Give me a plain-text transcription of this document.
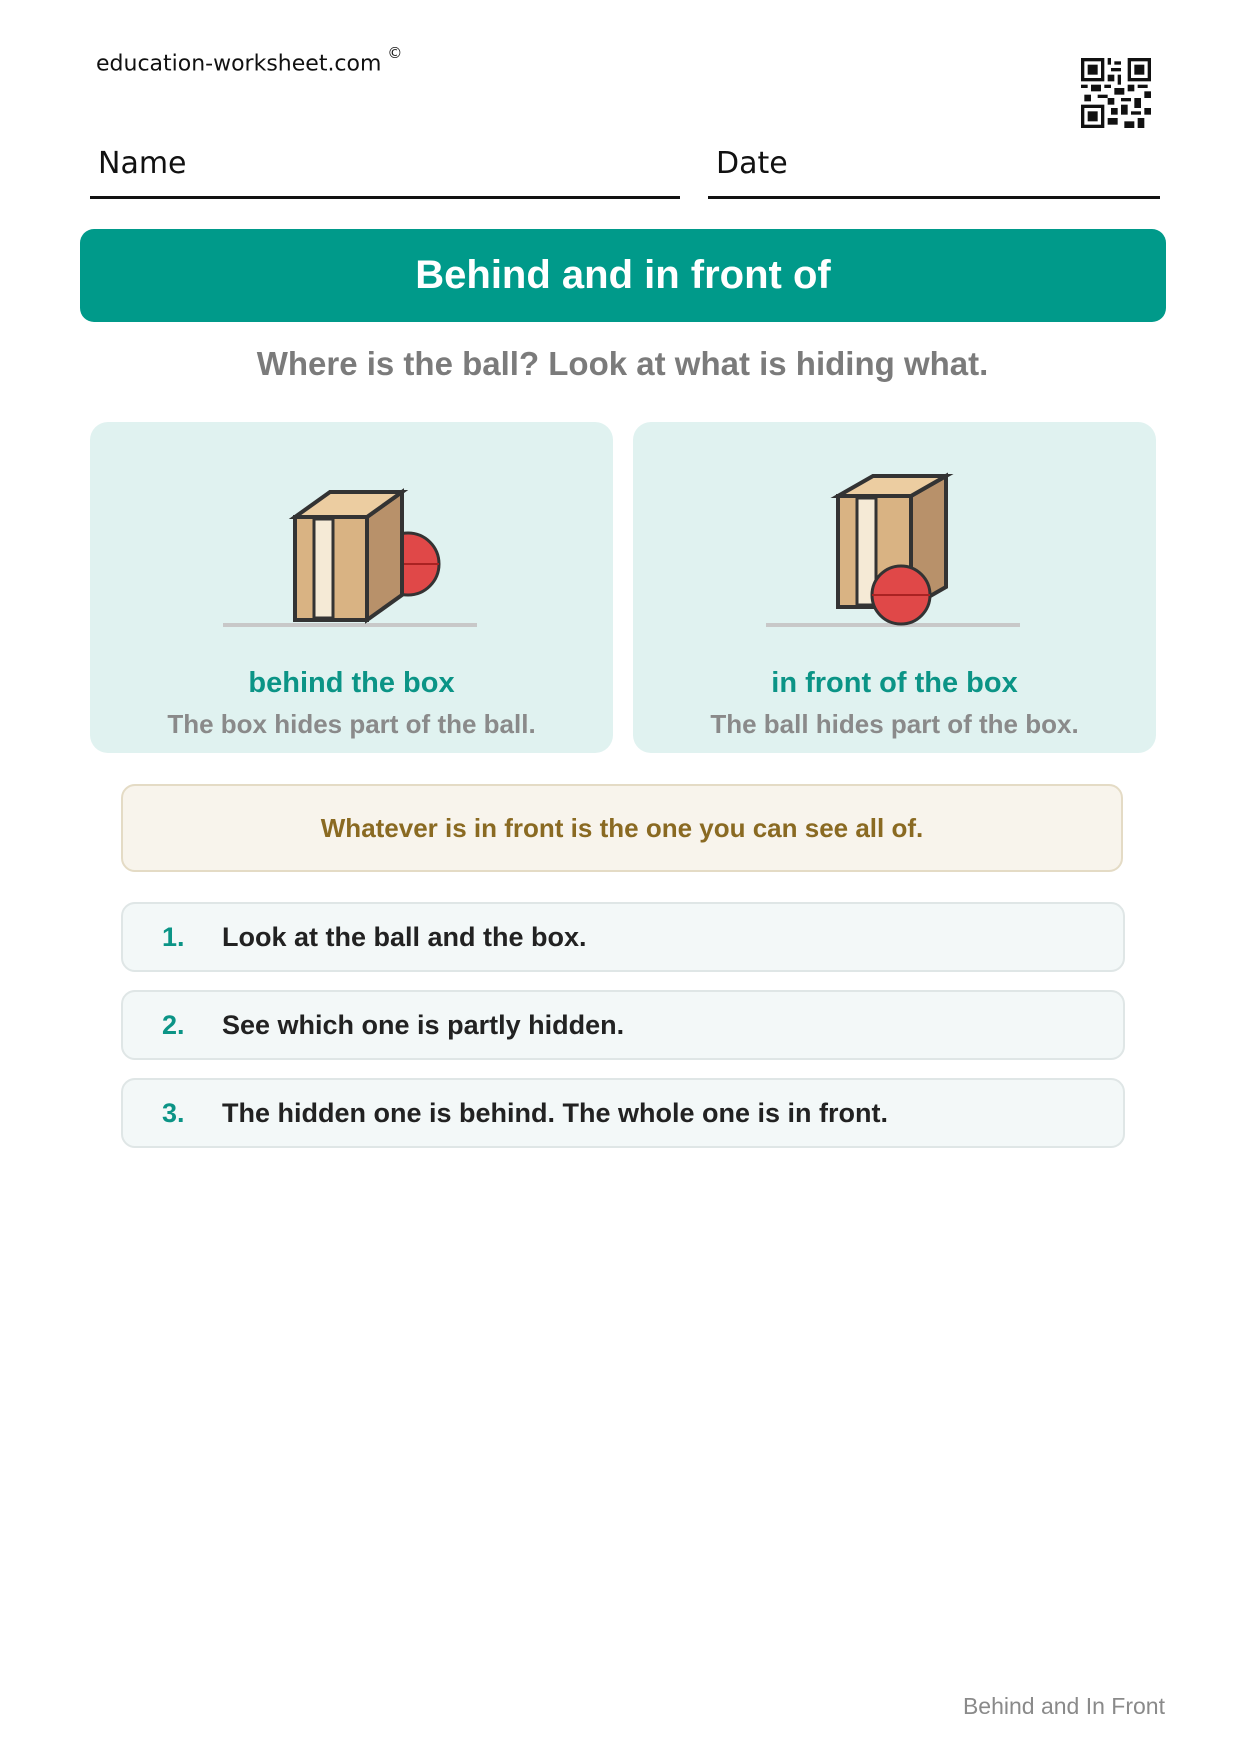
education-worksheet.com ©
Name	Date
Behind and in front of
Where is the ball? Look at what is hiding what.
behind the box
The box hides part of the ball.
in front of the box
The ball hides part of the box.
Whatever is in front is the one you can see all of.
1. Look at the ball and the box.
2. See which one is partly hidden.
3. The hidden one is behind. The whole one is in front.
Behind and In Front
